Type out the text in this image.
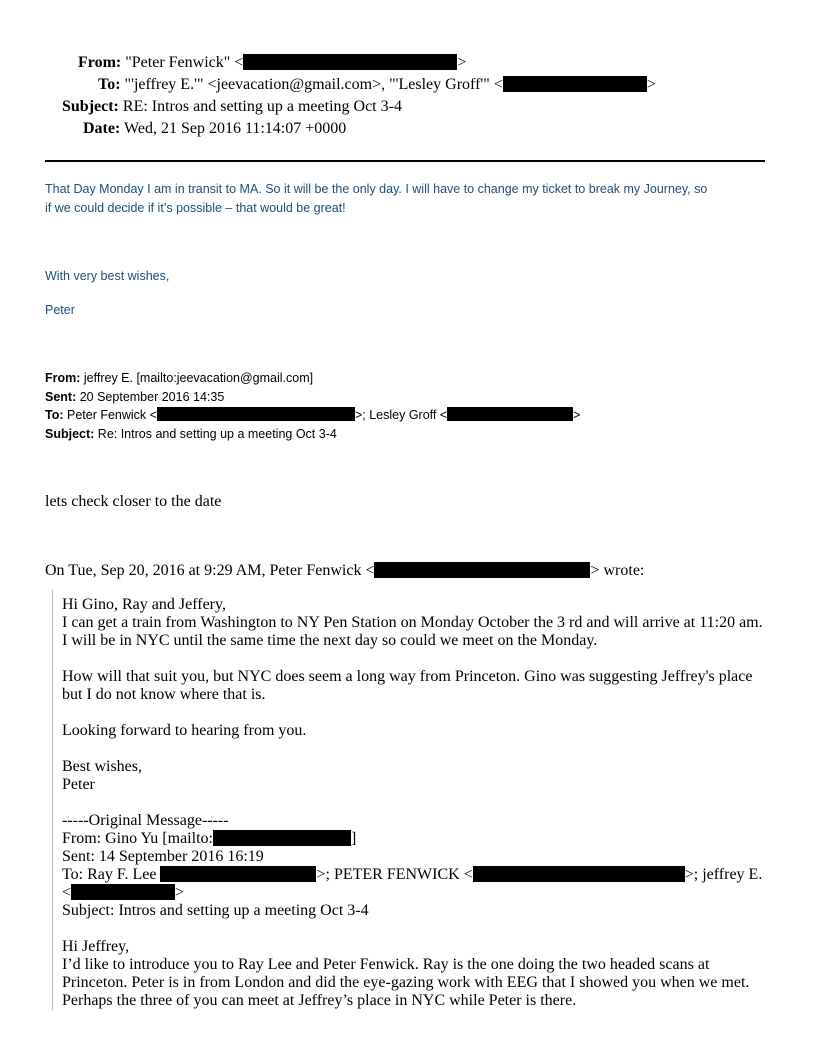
From: "Peter Fenwick" <	>
To: "'jeffrey E.'" <jeevacation@gmail.com>, "'Lesley Groff'" <	>
Subject: RE: Intros and setting up a meeting Oct 3-4
Date: Wed, 21 Sep 2016 11:14:07 +0000
That Day Monday I am in transit to MA. So it will be the only day. I will have to change my ticket to break my Journey, so
if we could decide if it’s possible – that would be great!
With very best wishes,
Peter
From: jeffrey E. [mailto:jeevacation@gmail.com]
Sent: 20 September 2016 14:35
To: Peter Fenwick <	>; Lesley Groff <	>
Subject: Re: Intros and setting up a meeting Oct 3-4
lets check closer to the date
On Tue, Sep 20, 2016 at 9:29 AM, Peter Fenwick <	> wrote:

Hi Gino, Ray and Jeffery,

I can get a train from Washington to NY Pen Station on Monday October the 3 rd and will arrive at 11:20 am.

I will be in NYC until the same time the next day so could we meet on the Monday.

How will that suit you, but NYC does seem a long way from Princeton. Gino was suggesting Jeffrey's place

but I do not know where that is.

Looking forward to hearing from you.

Best wishes,

Peter

-----Original Message-----

From: Gino Yu [mailto:	]

Sent: 14 September 2016 16:19

To: Ray F. Lee	>; PETER FENWICK <	>; jeffrey E.

<	>

Subject: Intros and setting up a meeting Oct 3-4

Hi Jeffrey,

I’d like to introduce you to Ray Lee and Peter Fenwick. Ray is the one doing the two headed scans at

Princeton. Peter is in from London and did the eye-gazing work with EEG that I showed you when we met.

Perhaps the three of you can meet at Jeffrey’s place in NYC while Peter is there.
